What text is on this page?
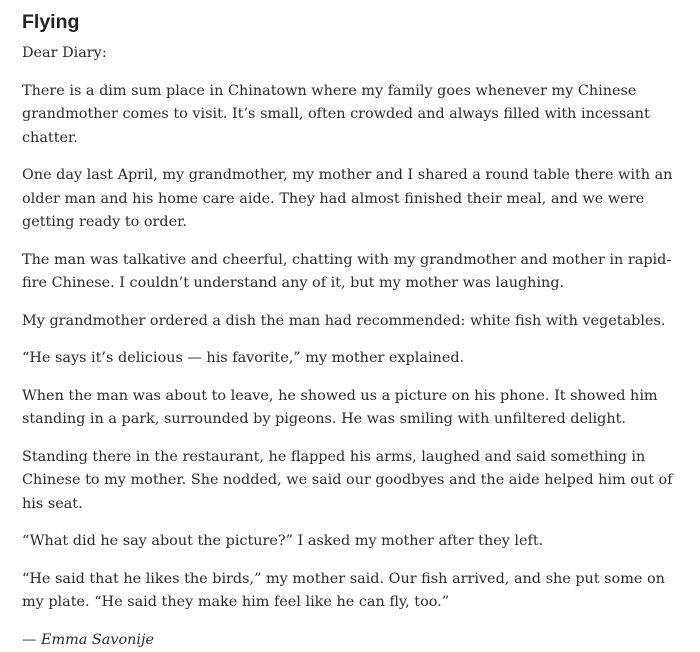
Flying

Dear Diary:

There is a dim sum place in Chinatown where my family goes whenever my Chinese grandmother comes to visit. It’s small, often crowded and always filled with incessant chatter.

One day last April, my grandmother, my mother and I shared a round table there with an older man and his home care aide. They had almost finished their meal, and we were getting ready to order.

The man was talkative and cheerful, chatting with my grandmother and mother in rapid-fire Chinese. I couldn’t understand any of it, but my mother was laughing.

My grandmother ordered a dish the man had recommended: white fish with vegetables.

“He says it’s delicious — his favorite,” my mother explained.

When the man was about to leave, he showed us a picture on his phone. It showed him standing in a park, surrounded by pigeons. He was smiling with unfiltered delight.

Standing there in the restaurant, he flapped his arms, laughed and said something in Chinese to my mother. She nodded, we said our goodbyes and the aide helped him out of his seat.

“What did he say about the picture?” I asked my mother after they left.

“He said that he likes the birds,” my mother said. Our fish arrived, and she put some on my plate. “He said they make him feel like he can fly, too.”

— Emma Savonije
